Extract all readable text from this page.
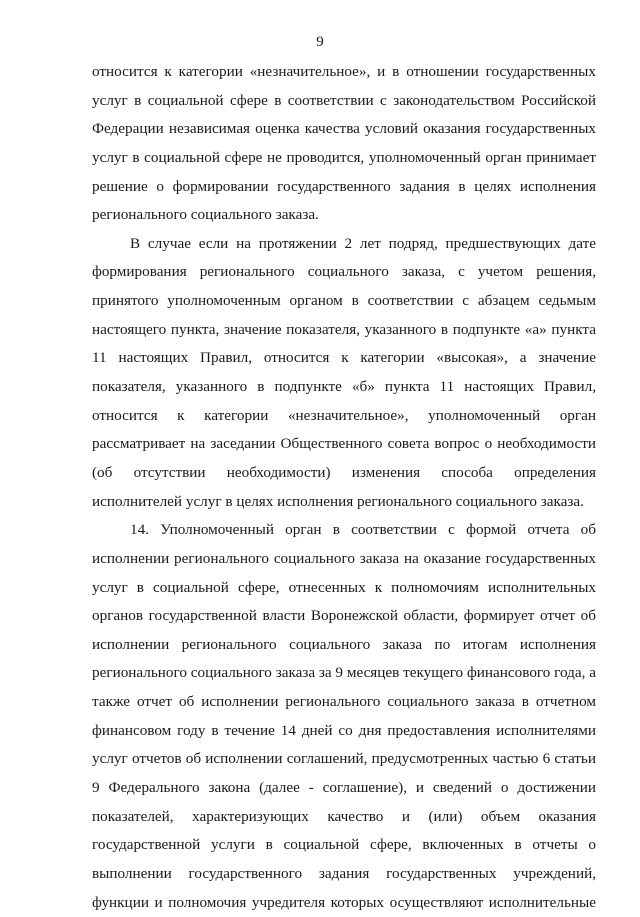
9
относится к категории «незначительное», и в отношении государственных
услуг в социальной сфере в соответствии с законодательством Российской
Федерации независимая оценка качества условий оказания государственных
услуг в социальной сфере не проводится, уполномоченный орган принимает
решение о формировании государственного задания в целях исполнения
регионального социального заказа.
В случае если на протяжении 2 лет подряд, предшествующих дате
формирования регионального социального заказа, с учетом решения,
принятого уполномоченным органом в соответствии с абзацем седьмым
настоящего пункта, значение показателя, указанного в подпункте «а» пункта
11 настоящих Правил, относится к категории «высокая», а значение
показателя, указанного в подпункте «б» пункта 11 настоящих Правил,
относится к категории «незначительное», уполномоченный орган
рассматривает на заседании Общественного совета вопрос о необходимости
(об отсутствии необходимости) изменения способа определения
исполнителей услуг в целях исполнения регионального социального заказа.
14. Уполномоченный орган в соответствии с формой отчета об
исполнении регионального социального заказа на оказание государственных
услуг в социальной сфере, отнесенных к полномочиям исполнительных
органов государственной власти Воронежской области, формирует отчет об
исполнении регионального социального заказа по итогам исполнения
регионального социального заказа за 9 месяцев текущего финансового года, а
также отчет об исполнении регионального социального заказа в отчетном
финансовом году в течение 14 дней со дня предоставления исполнителями
услуг отчетов об исполнении соглашений, предусмотренных частью 6 статьи
9 Федерального закона (далее - соглашение), и сведений о достижении
показателей, характеризующих качество и (или) объем оказания
государственной услуги в социальной сфере, включенных в отчеты о
выполнении государственного задания государственных учреждений,
функции и полномочия учредителя которых осуществляют исполнительные
